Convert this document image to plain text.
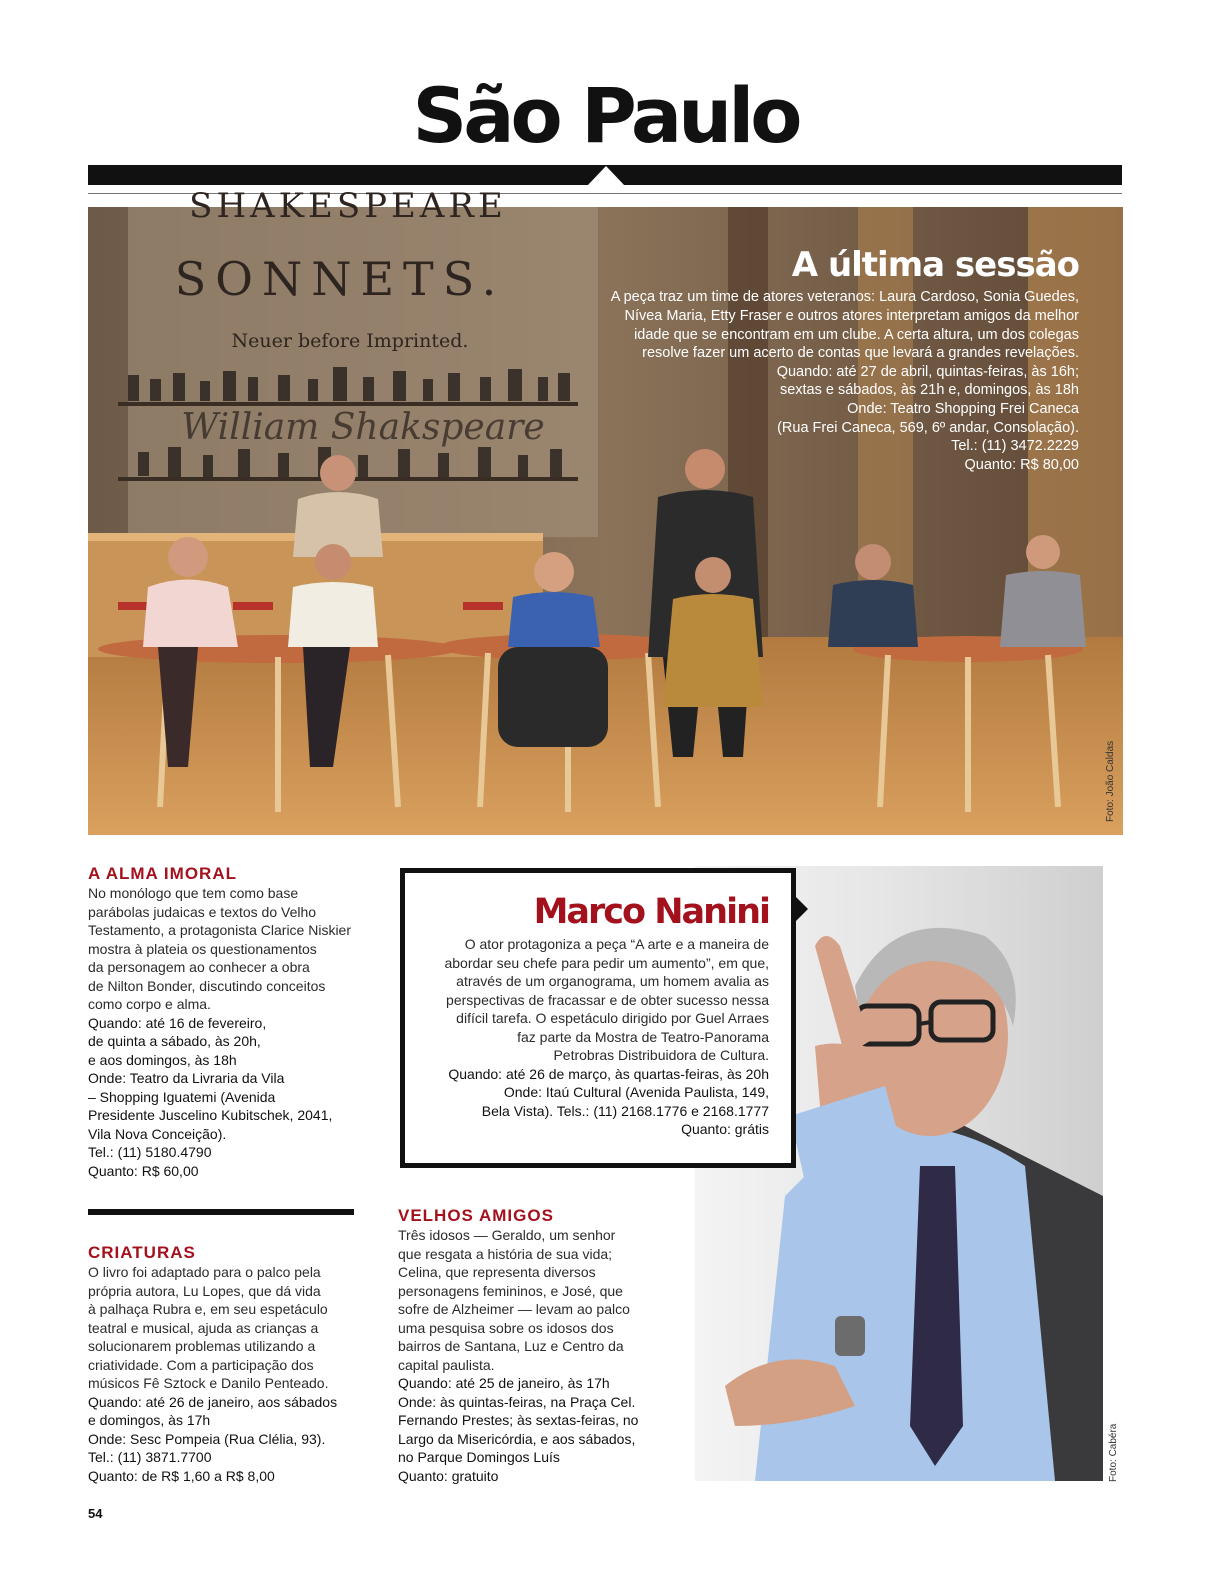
São Paulo
SHAKESPEARE
SONNETS.
Neuer before Imprinted.
William Shakspeare
A última sessão
A peça traz um time de atores veteranos: Laura Cardoso, Sonia Guedes,
Nívea Maria, Etty Fraser e outros atores interpretam amigos da melhor
idade que se encontram em um clube. A certa altura, um dos colegas
resolve fazer um acerto de contas que levará a grandes revelações.
Quando: até 27 de abril, quintas-feiras, às 16h;
sextas e sábados, às 21h e, domingos, às 18h
Onde: Teatro Shopping Frei Caneca
(Rua Frei Caneca, 569, 6º andar, Consolação).
Tel.: (11) 3472.2229
Quanto: R$ 80,00
Foto: João Caldas
A ALMA IMORAL
No monólogo que tem como base
parábolas judaicas e textos do Velho
Testamento, a protagonista Clarice Niskier
mostra à plateia os questionamentos
da personagem ao conhecer a obra
de Nilton Bonder, discutindo conceitos
como corpo e alma.
Quando: até 16 de fevereiro,
de quinta a sábado, às 20h,
e aos domingos, às 18h
Onde: Teatro da Livraria da Vila
– Shopping Iguatemi (Avenida
Presidente Juscelino Kubitschek, 2041,
Vila Nova Conceição).
Tel.: (11) 5180.4790
Quanto: R$ 60,00
CRIATURAS
O livro foi adaptado para o palco pela
própria autora, Lu Lopes, que dá vida
à palhaça Rubra e, em seu espetáculo
teatral e musical, ajuda as crianças a
solucionarem problemas utilizando a
criatividade. Com a participação dos
músicos Fê Sztock e Danilo Penteado.
Quando: até 26 de janeiro, aos sábados
e domingos, às 17h
Onde: Sesc Pompeia (Rua Clélia, 93).
Tel.: (11) 3871.7700
Quanto: de R$ 1,60 a R$ 8,00	Foto: Cabéra
Marco Nanini
O ator protagoniza a peça “A arte e a maneira de
abordar seu chefe para pedir um aumento”, em que,
através de um organograma, um homem avalia as
perspectivas de fracassar e de obter sucesso nessa
difícil tarefa. O espetáculo dirigido por Guel Arraes
faz parte da Mostra de Teatro-Panorama
Petrobras Distribuidora de Cultura.
Quando: até 26 de março, às quartas-feiras, às 20h
Onde: Itaú Cultural (Avenida Paulista, 149,
Bela Vista). Tels.: (11) 2168.1776 e 2168.1777
Quanto: grátis
VELHOS AMIGOS
Três idosos — Geraldo, um senhor
que resgata a história de sua vida;
Celina, que representa diversos
personagens femininos, e José, que
sofre de Alzheimer — levam ao palco
uma pesquisa sobre os idosos dos
bairros de Santana, Luz e Centro da
capital paulista.
Quando: até 25 de janeiro, às 17h
Onde: às quintas-feiras, na Praça Cel.
Fernando Prestes; às sextas-feiras, no
Largo da Misericórdia, e aos sábados,
no Parque Domingos Luís
Quanto: gratuito
54
